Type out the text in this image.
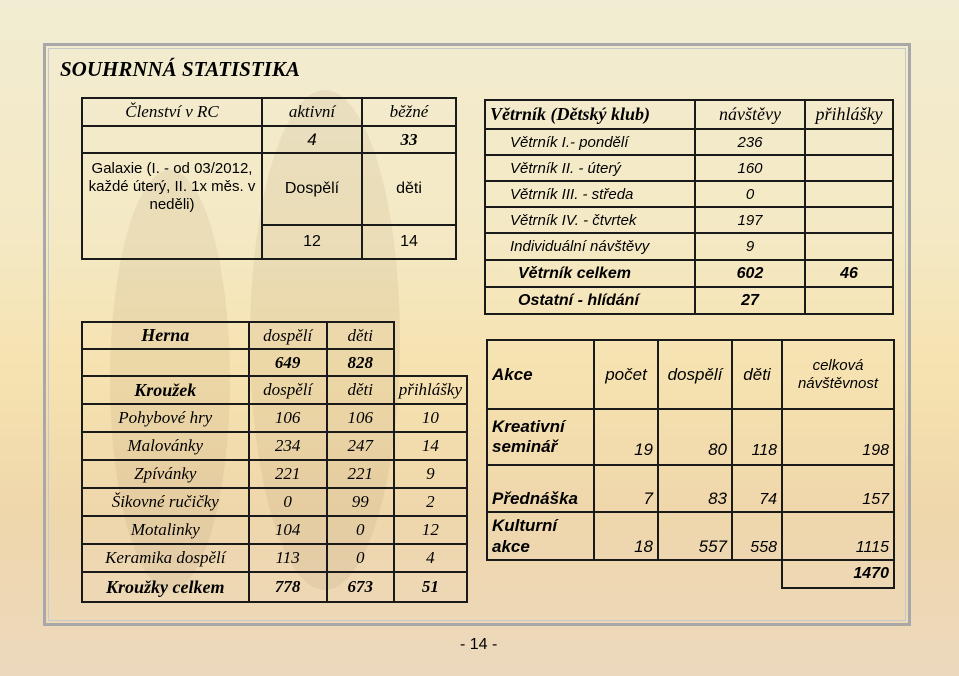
SOUHRNNÁ STATISTIKA
Členství v RC	aktivní	běžné
	4	33
Galaxie (I. - od 03/2012, každé úterý, II. 1x měs. v neděli)	Dospělí	děti
	12	14
Větrník (Dětský klub)	návštěvy	přihlášky
Větrník I.- pondělí	236	
Větrník II. - úterý	160	
Větrník III. - středa	0	
Větrník IV. - čtvrtek	197	
Individuální návštěvy	9	
Větrník celkem	602	46
Ostatní - hlídání	27	
Herna	dospělí	děti	
	649	828	
Kroužek	dospělí	děti	přihlášky
Pohybové hry	106	106	10
Malovánky	234	247	14
Zpívánky	221	221	9
Šikovné ručičky	0	99	2
Motalinky	104	0	12
Keramika dospělí	113	0	4
Kroužky celkem	778	673	51
Akce	počet	dospělí	děti	celková návštěvnost
Kreativní seminář	19	80	118	198
Přednáška	7	83	74	157
Kulturní akce	18	557	558	1115
				1470
- 14 -
